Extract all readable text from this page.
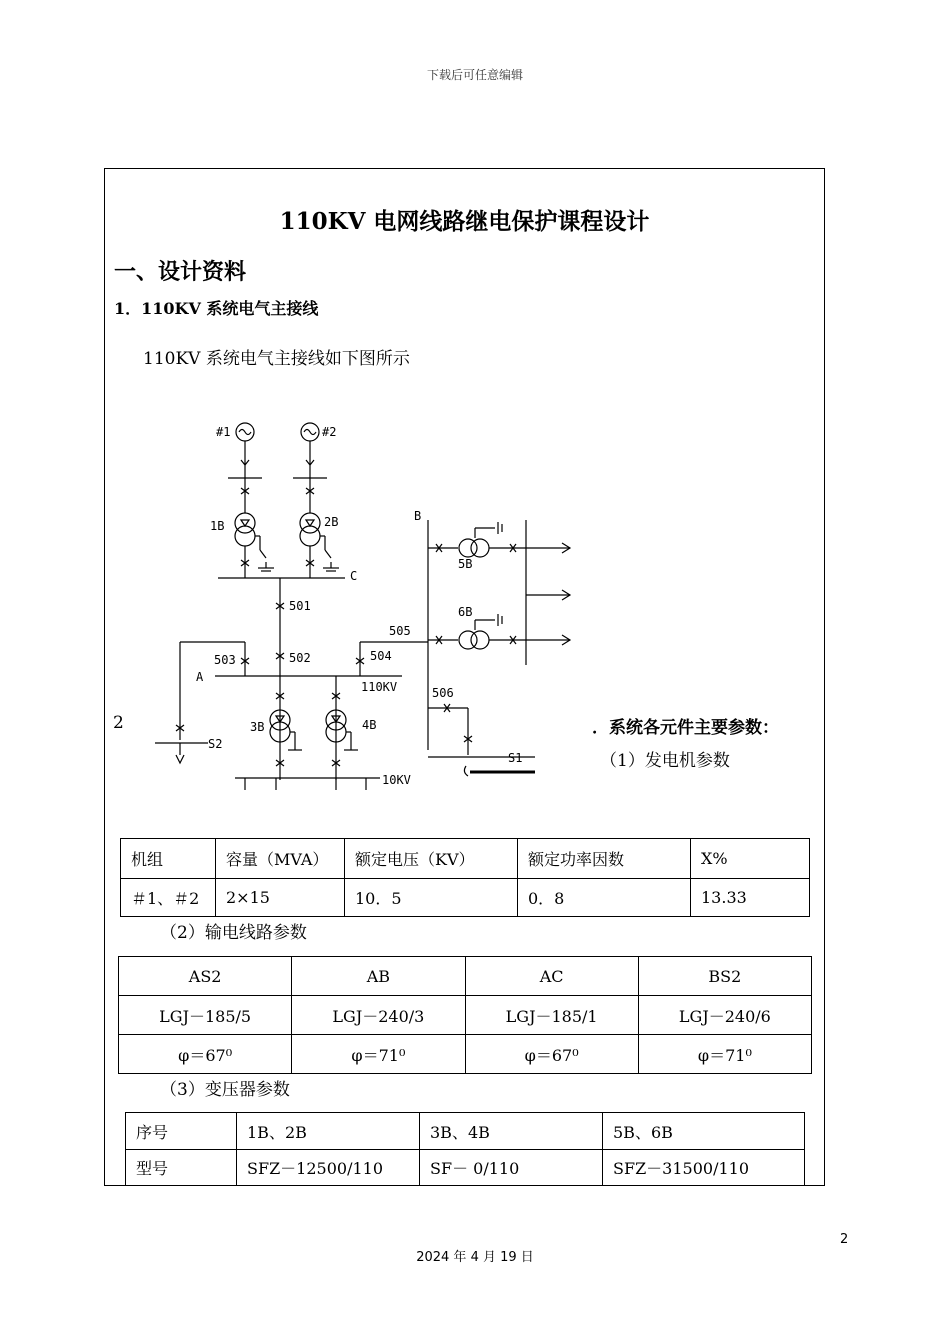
下载后可任意编辑
110KV 电网线路继电保护课程设计
一、设计资料
1．110KV 系统电气主接线
110KV 系统电气主接线如下图所示
#1	#2
1B	2B
C
501
503	502	504
505
A
110KV
3B	4B
S2
10KV
B
5B
6B
506
S1
2	．系统各元件主要参数：
（1）发电机参数
机组	容量（MVA）	额定电压（KV）	额定功率因数	X%
＃1、＃2	2×15	10．5	0．8	13.33
（2）输电线路参数
AS2	AB	AC	BS2
LGJ－185/5	LGJ－240/3	LGJ－185/1	LGJ－240/6
φ＝67⁰	φ＝71⁰	φ＝67⁰	φ＝71⁰
（3）变压器参数
序号	1B、2B	3B、4B	5B、6B
型号	SFZ－12500/110	SF－ 0/110	SFZ－31500/110
2
2024 年 4 月 19 日
